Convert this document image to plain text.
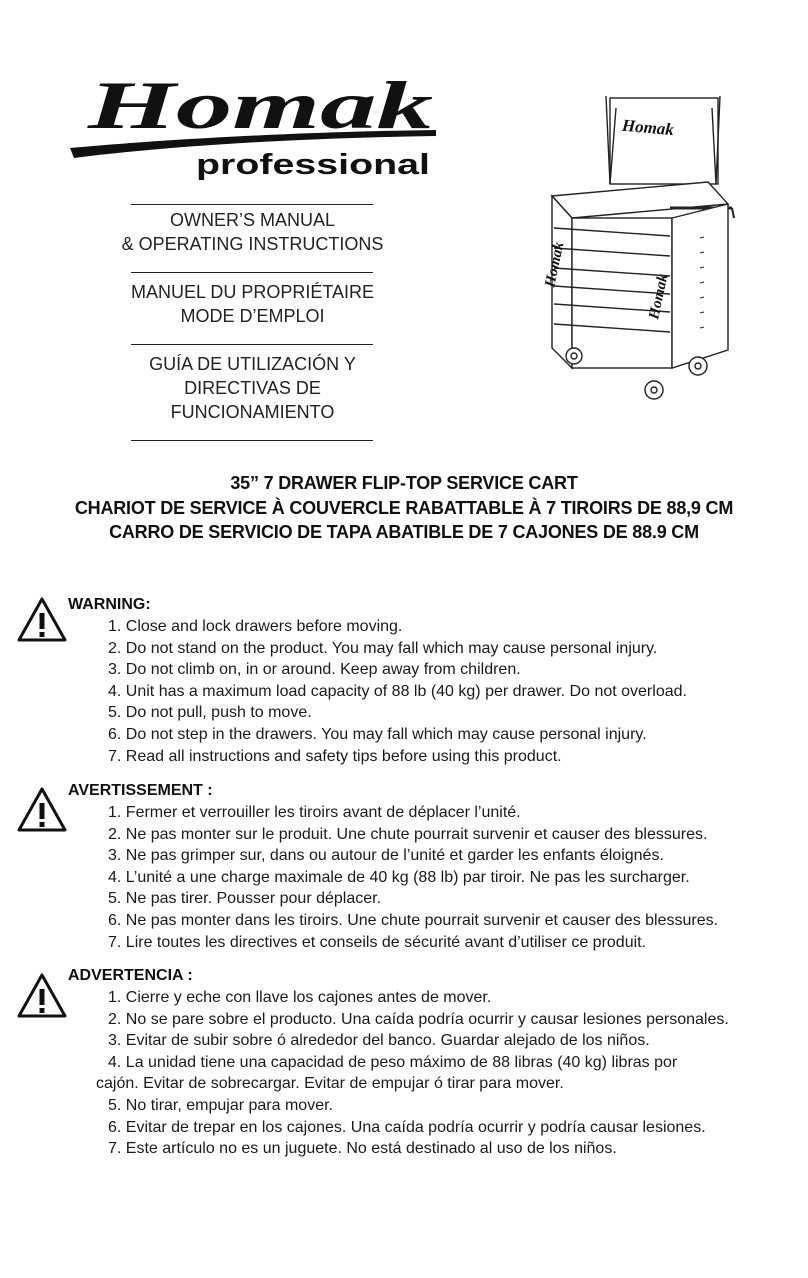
Homak
professional
OWNER’S MANUAL
& OPERATING INSTRUCTIONS
MANUEL DU PROPRIÉTAIRE
MODE D’EMPLOI
GUÍA DE UTILIZACIÓN Y
DIRECTIVAS DE
FUNCIONAMIENTO
Homak
Homak
Homak
35” 7 DRAWER FLIP-TOP SERVICE CART
CHARIOT DE SERVICE À COUVERCLE RABATTABLE À 7 TIROIRS DE 88,9 CM
CARRO DE SERVICIO DE TAPA ABATIBLE DE 7 CAJONES DE 88.9 CM
WARNING:
1. Close and lock drawers before moving.
2. Do not stand on the product. You may fall which may cause personal injury.
3. Do not climb on, in or around. Keep away from children.
4. Unit has a maximum load capacity of 88 lb (40 kg) per drawer. Do not overload.
5. Do not pull, push to move.
6. Do not step in the drawers. You may fall which may cause personal injury.
7. Read all instructions and safety tips before using this product.
AVERTISSEMENT :
1. Fermer et verrouiller les tiroirs avant de déplacer l’unité.
2. Ne pas monter sur le produit. Une chute pourrait survenir et causer des blessures.
3. Ne pas grimper sur, dans ou autour de l’unité et garder les enfants éloignés.
4. L’unité a une charge maximale de 40 kg (88 lb) par tiroir. Ne pas les surcharger.
5. Ne pas tirer. Pousser pour déplacer.
6. Ne pas monter dans les tiroirs. Une chute pourrait survenir et causer des blessures.
7. Lire toutes les directives et conseils de sécurité avant d’utiliser ce produit.
ADVERTENCIA :
1. Cierre y eche con llave los cajones antes de mover.
2. No se pare sobre el producto. Una caída podría ocurrir y causar lesiones personales.
3. Evitar de subir sobre ó alrededor del banco. Guardar alejado de los niños.
4. La unidad tiene una capacidad de peso máximo de 88 libras (40 kg) libras por
cajón. Evitar de sobrecargar. Evitar de empujar ó tirar para mover.
5. No tirar, empujar para mover.
6. Evitar de trepar en los cajones. Una caída podría ocurrir y podría causar lesiones.
7. Este artículo no es un juguete. No está destinado al uso de los niños.
